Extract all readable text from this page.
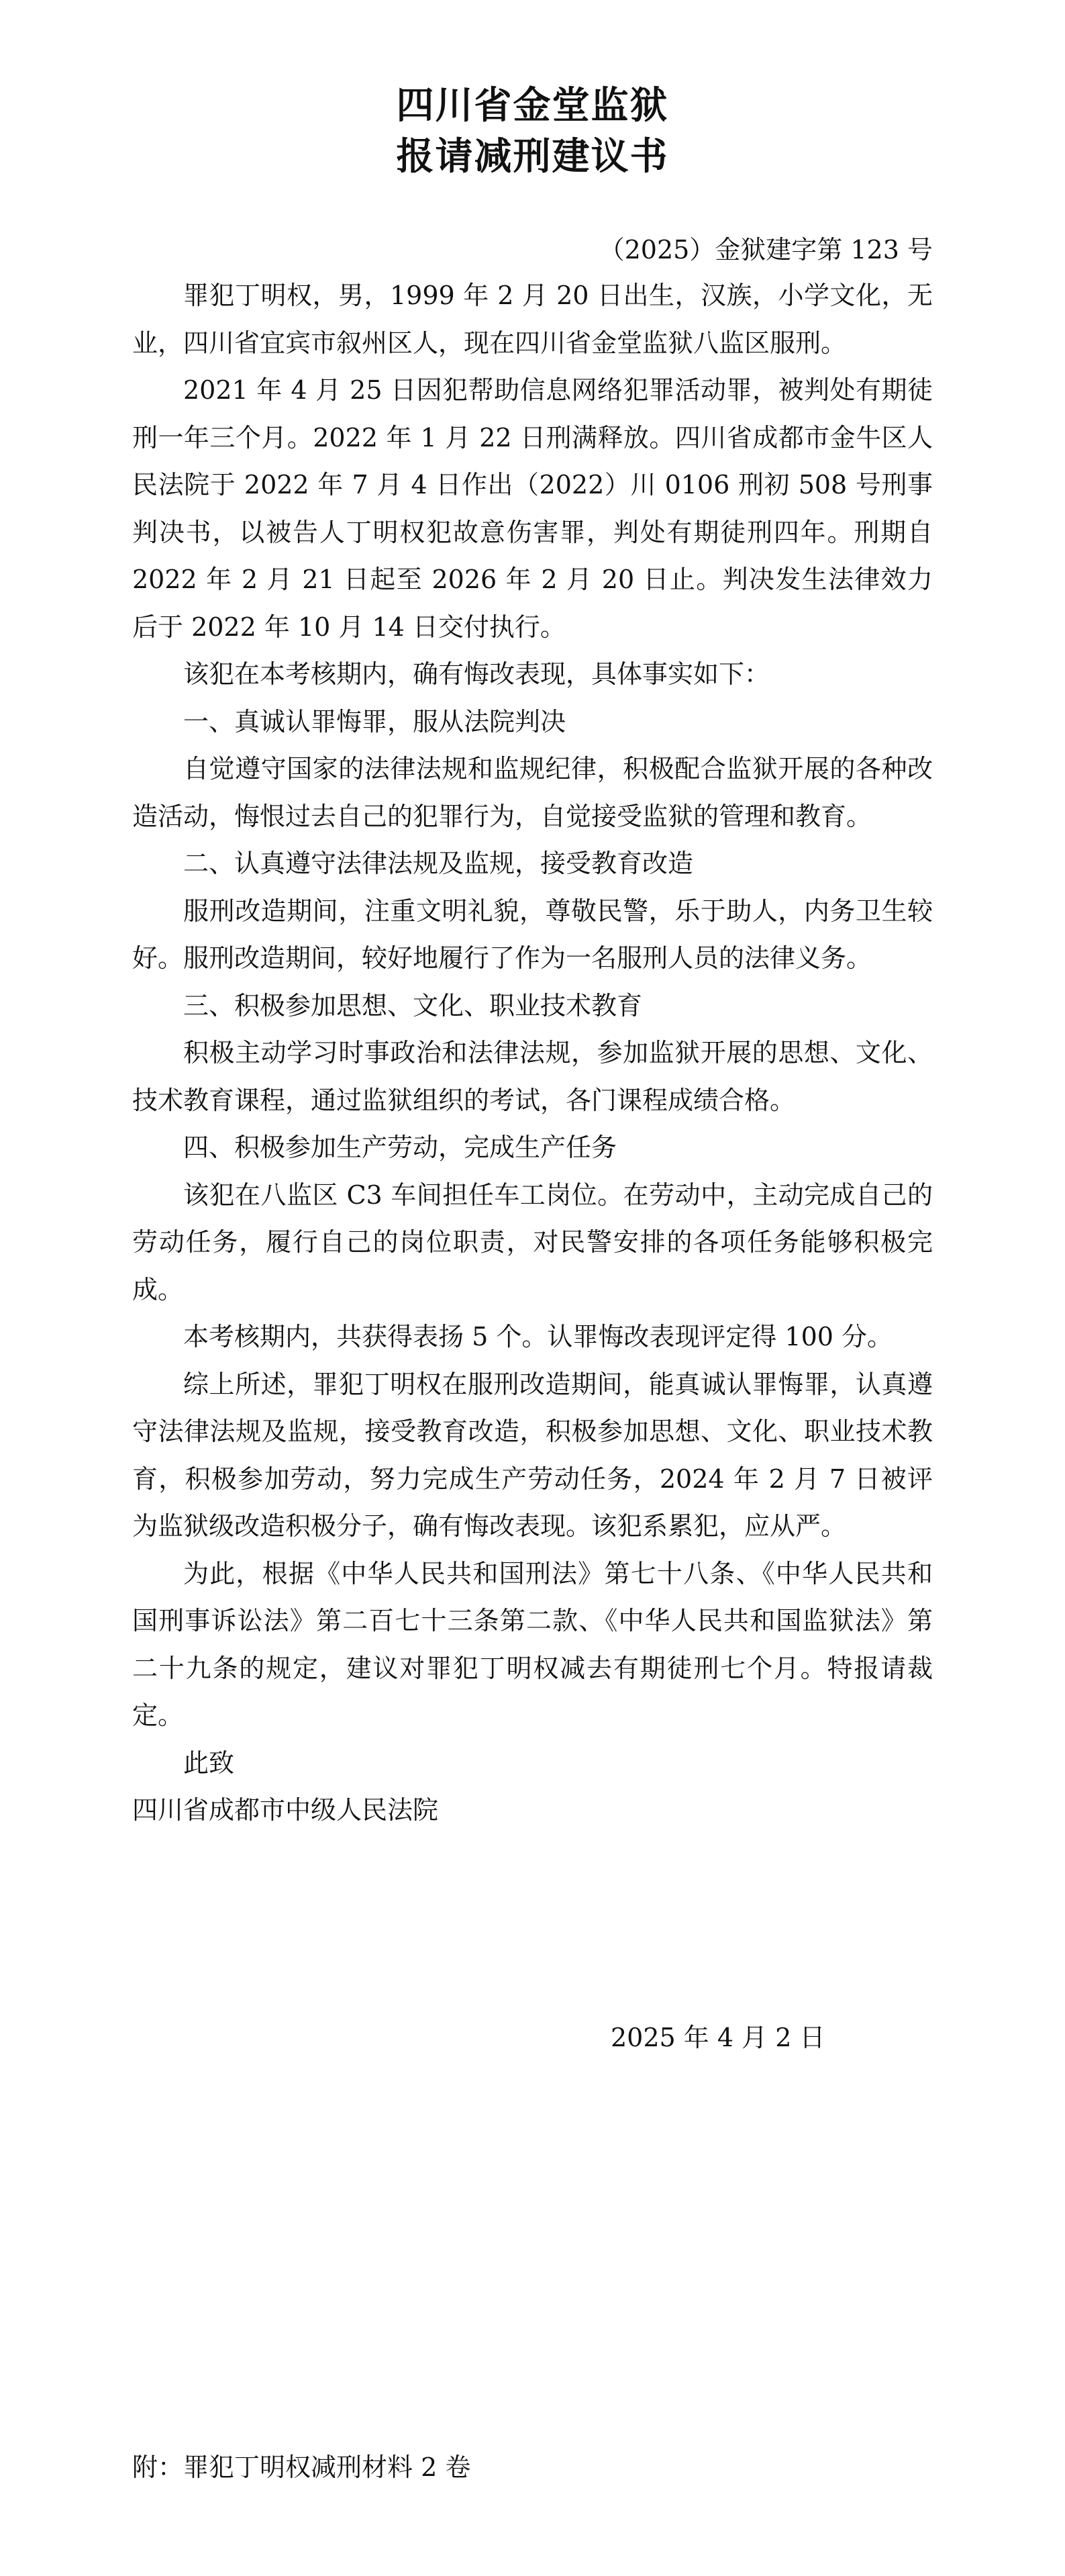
四川省金堂监狱
报请减刑建议书
（2025）金狱建字第 123 号

罪犯丁明权，男，1999 年 2 月 20 日出生，汉族，小学文化，无业，四川省宜宾市叙州区人，现在四川省金堂监狱八监区服刑。

2021 年 4 月 25 日因犯帮助信息网络犯罪活动罪，被判处有期徒刑一年三个月。2022 年 1 月 22 日刑满释放。四川省成都市金牛区人民法院于 2022 年 7 月 4 日作出（2022）川 0106 刑初 508 号刑事判决书，以被告人丁明权犯故意伤害罪，判处有期徒刑四年。刑期自 2022 年 2 月 21 日起至 2026 年 2 月 20 日止。判决发生法律效力后于 2022 年 10 月 14 日交付执行。

该犯在本考核期内，确有悔改表现，具体事实如下：

一、真诚认罪悔罪，服从法院判决

自觉遵守国家的法律法规和监规纪律，积极配合监狱开展的各种改造活动，悔恨过去自己的犯罪行为，自觉接受监狱的管理和教育。

二、认真遵守法律法规及监规，接受教育改造

服刑改造期间，注重文明礼貌，尊敬民警，乐于助人，内务卫生较好。服刑改造期间，较好地履行了作为一名服刑人员的法律义务。

三、积极参加思想、文化、职业技术教育

积极主动学习时事政治和法律法规，参加监狱开展的思想、文化、技术教育课程，通过监狱组织的考试，各门课程成绩合格。

四、积极参加生产劳动，完成生产任务

该犯在八监区 C3 车间担任车工岗位。在劳动中，主动完成自己的劳动任务，履行自己的岗位职责，对民警安排的各项任务能够积极完成。

本考核期内，共获得表扬 5 个。认罪悔改表现评定得 100 分。

综上所述，罪犯丁明权在服刑改造期间，能真诚认罪悔罪，认真遵守法律法规及监规，接受教育改造，积极参加思想、文化、职业技术教育，积极参加劳动，努力完成生产劳动任务，2024 年 2 月 7 日被评为监狱级改造积极分子，确有悔改表现。该犯系累犯，应从严。

为此，根据《中华人民共和国刑法》第七十八条、《中华人民共和国刑事诉讼法》第二百七十三条第二款、《中华人民共和国监狱法》第二十九条的规定，建议对罪犯丁明权减去有期徒刑七个月。特报请裁定。

此致

四川省成都市中级人民法院

2025 年 4 月 2 日
附：罪犯丁明权减刑材料 2 卷
